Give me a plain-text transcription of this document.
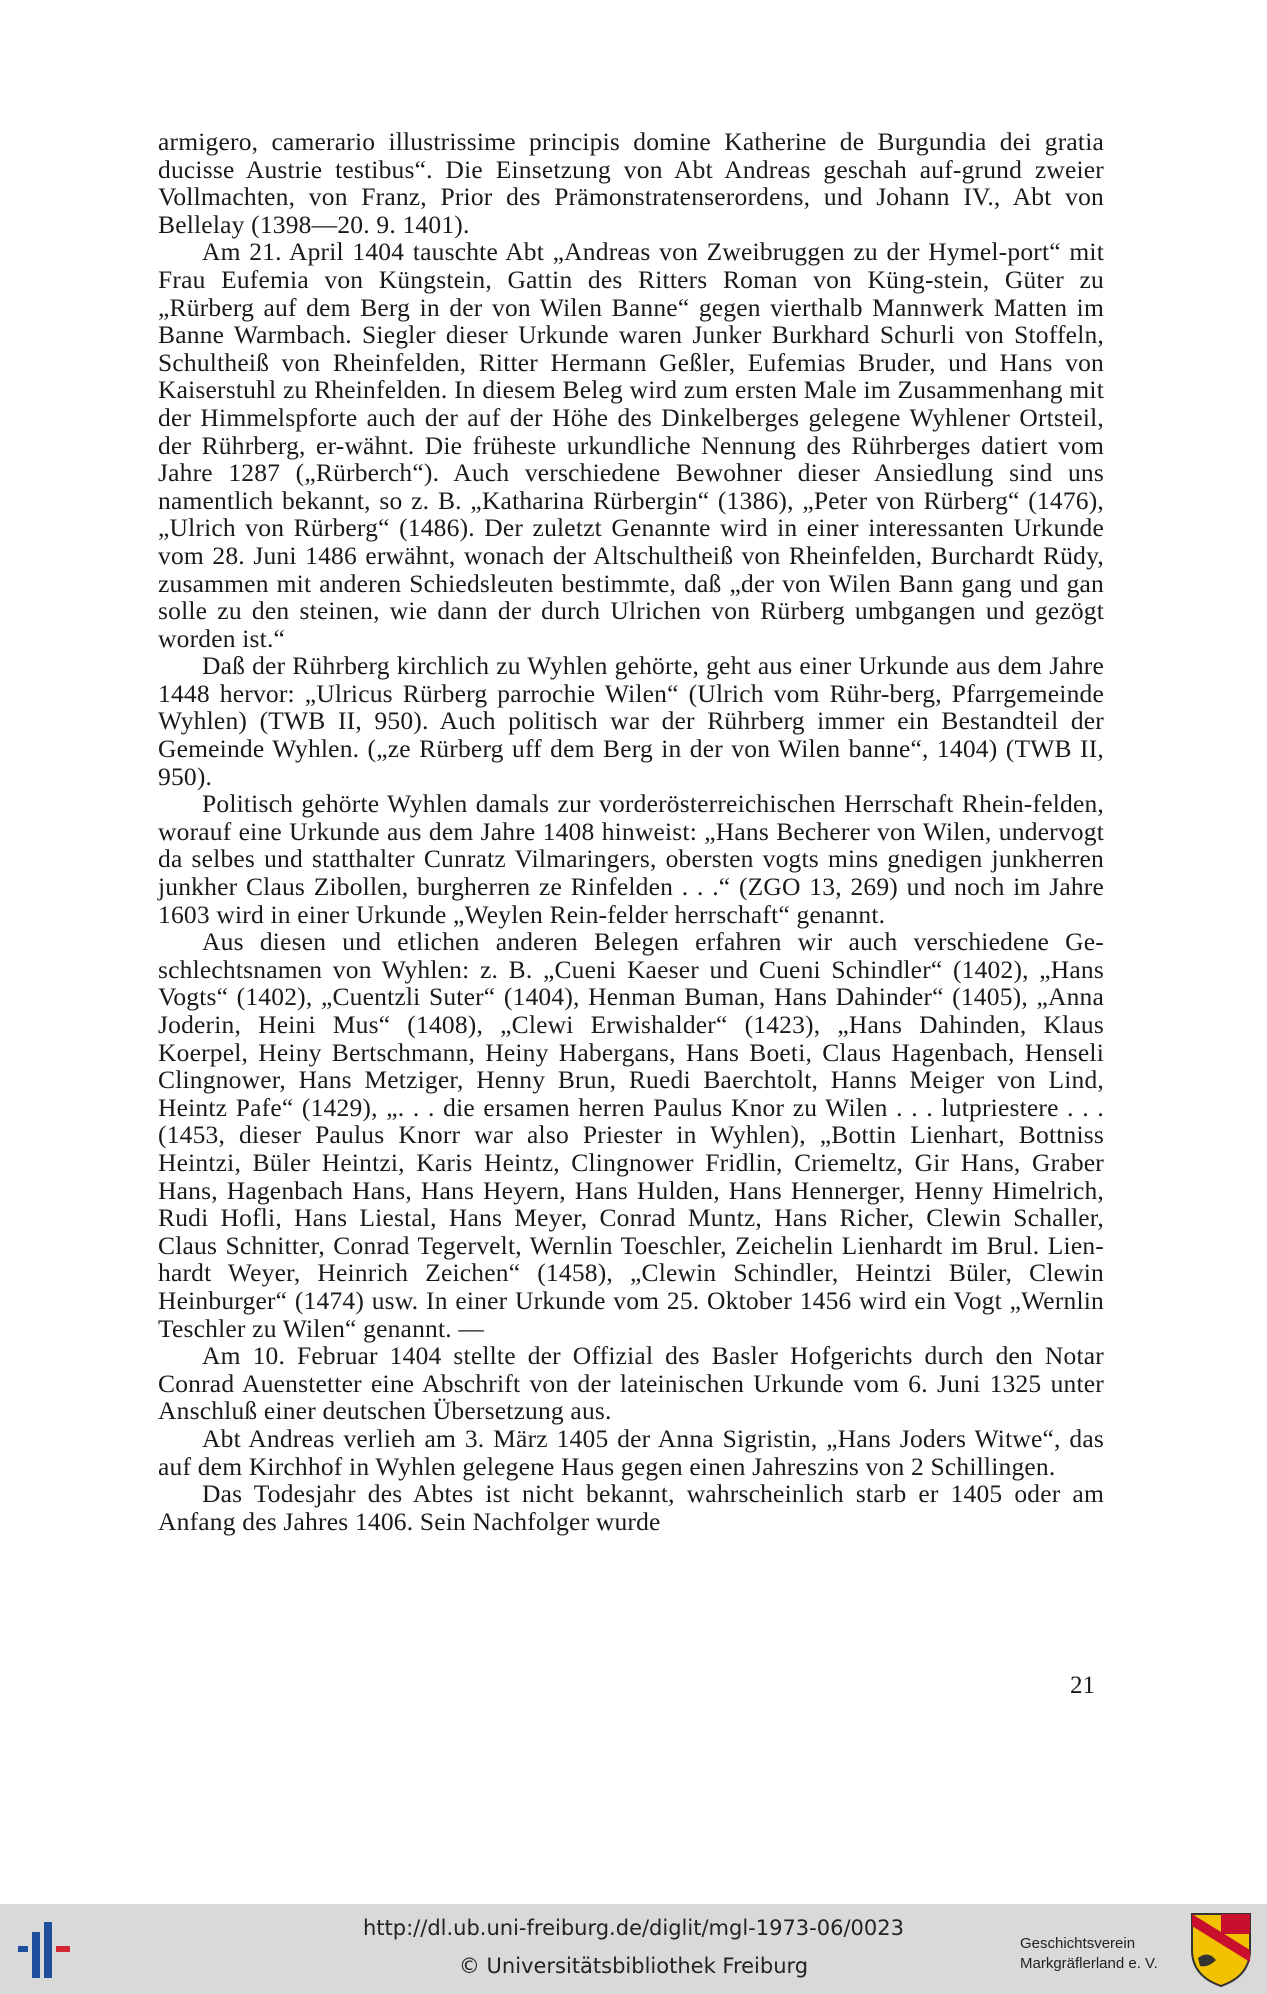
armigero, camerario illustrissime principis domine Katherine de Burgundia dei gratia ducisse Austrie testibus“. Die Einsetzung von Abt Andreas geschah auf-grund zweier Vollmachten, von Franz, Prior des Prämonstratenserordens, und Johann IV., Abt von Bellelay (1398—20. 9. 1401).

Am 21. April 1404 tauschte Abt „Andreas von Zweibruggen zu der Hymel-port“ mit Frau Eufemia von Küngstein, Gattin des Ritters Roman von Küng-stein, Güter zu „Rürberg auf dem Berg in der von Wilen Banne“ gegen vierthalb Mannwerk Matten im Banne Warmbach. Siegler dieser Urkunde waren Junker Burkhard Schurli von Stoffeln, Schultheiß von Rheinfelden, Ritter Hermann Geßler, Eufemias Bruder, und Hans von Kaiserstuhl zu Rheinfelden. In diesem Beleg wird zum ersten Male im Zusammenhang mit der Himmelspforte auch der auf der Höhe des Dinkelberges gelegene Wyhlener Ortsteil, der Rührberg, er-wähnt. Die früheste urkundliche Nennung des Rührberges datiert vom Jahre 1287 („Rürberch“). Auch verschiedene Bewohner dieser Ansiedlung sind uns namentlich bekannt, so z. B. „Katharina Rürbergin“ (1386), „Peter von Rürberg“ (1476), „Ulrich von Rürberg“ (1486). Der zuletzt Genannte wird in einer interessanten Urkunde vom 28. Juni 1486 erwähnt, wonach der Altschultheiß von Rheinfelden, Burchardt Rüdy, zusammen mit anderen Schiedsleuten bestimmte, daß „der von Wilen Bann gang und gan solle zu den steinen, wie dann der durch Ulrichen von Rürberg umbgangen und gezögt worden ist.“

Daß der Rührberg kirchlich zu Wyhlen gehörte, geht aus einer Urkunde aus dem Jahre 1448 hervor: „Ulricus Rürberg parrochie Wilen“ (Ulrich vom Rühr-berg, Pfarrgemeinde Wyhlen) (TWB II, 950). Auch politisch war der Rührberg immer ein Bestandteil der Gemeinde Wyhlen. („ze Rürberg uff dem Berg in der von Wilen banne“, 1404) (TWB II, 950).

Politisch gehörte Wyhlen damals zur vorderösterreichischen Herrschaft Rhein-felden, worauf eine Urkunde aus dem Jahre 1408 hinweist: „Hans Becherer von Wilen, undervogt da selbes und statthalter Cunratz Vilmaringers, obersten vogts mins gnedigen junkherren junkher Claus Zibollen, burgherren ze Rinfelden . . .“ (ZGO 13, 269) und noch im Jahre 1603 wird in einer Urkunde „Weylen Rein-felder herrschaft“ genannt.

Aus diesen und etlichen anderen Belegen erfahren wir auch verschiedene Ge-schlechtsnamen von Wyhlen: z. B. „Cueni Kaeser und Cueni Schindler“ (1402), „Hans Vogts“ (1402), „Cuentzli Suter“ (1404), Henman Buman, Hans Dahinder“ (1405), „Anna Joderin, Heini Mus“ (1408), „Clewi Erwishalder“ (1423), „Hans Dahinden, Klaus Koerpel, Heiny Bertschmann, Heiny Habergans, Hans Boeti, Claus Hagenbach, Henseli Clingnower, Hans Metziger, Henny Brun, Ruedi Baerchtolt, Hanns Meiger von Lind, Heintz Pafe“ (1429), „. . . die ersamen herren Paulus Knor zu Wilen . . . lutpriestere . . . (1453, dieser Paulus Knorr war also Priester in Wyhlen), „Bottin Lienhart, Bottniss Heintzi, Büler Heintzi, Karis Heintz, Clingnower Fridlin, Criemeltz, Gir Hans, Graber Hans, Hagenbach Hans, Hans Heyern, Hans Hulden, Hans Hennerger, Henny Himelrich, Rudi Hofli, Hans Liestal, Hans Meyer, Conrad Muntz, Hans Richer, Clewin Schaller, Claus Schnitter, Conrad Tegervelt, Wernlin Toeschler, Zeichelin Lienhardt im Brul. Lien-hardt Weyer, Heinrich Zeichen“ (1458), „Clewin Schindler, Heintzi Büler, Clewin Heinburger“ (1474) usw. In einer Urkunde vom 25. Oktober 1456 wird ein Vogt „Wernlin Teschler zu Wilen“ genannt. —

Am 10. Februar 1404 stellte der Offizial des Basler Hofgerichts durch den Notar Conrad Auenstetter eine Abschrift von der lateinischen Urkunde vom 6. Juni 1325 unter Anschluß einer deutschen Übersetzung aus.

Abt Andreas verlieh am 3. März 1405 der Anna Sigristin, „Hans Joders Witwe“, das auf dem Kirchhof in Wyhlen gelegene Haus gegen einen Jahreszins von 2 Schillingen.

Das Todesjahr des Abtes ist nicht bekannt, wahrscheinlich starb er 1405 oder am Anfang des Jahres 1406. Sein Nachfolger wurde

21
http://dl.ub.uni-freiburg.de/diglit/mgl-1973-06/0023
© Universitätsbibliothek Freiburg
Geschichtsverein
Markgräflerland e. V.
